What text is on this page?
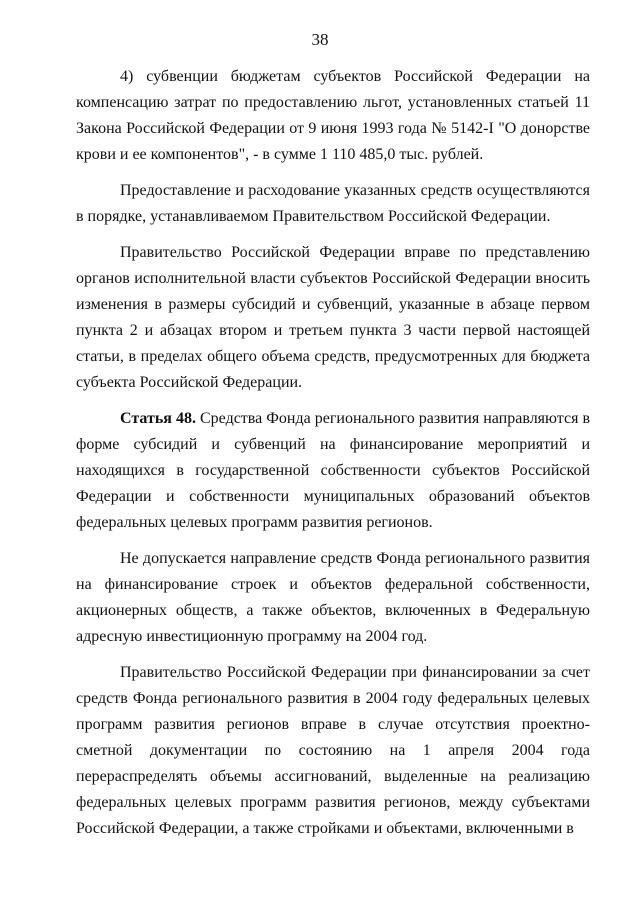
38

4) субвенции бюджетам субъектов Российской Федерации на компенсацию затрат по предоставлению льгот, установленных статьей 11 Закона Российской Федерации от 9 июня 1993 года № 5142-I "О донорстве крови и ее компонентов", - в сумме 1 110 485,0 тыс. рублей.

Предоставление и расходование указанных средств осуществляются в порядке, устанавливаемом Правительством Российской Федерации.

Правительство Российской Федерации вправе по представлению органов исполнительной власти субъектов Российской Федерации вносить изменения в размеры субсидий и субвенций, указанные в абзаце первом пункта 2 и абзацах втором и третьем пункта 3 части первой настоящей статьи, в пределах общего объема средств, предусмотренных для бюджета субъекта Российской Федерации.

Статья 48. Средства Фонда регионального развития направляются в форме субсидий и субвенций на финансирование мероприятий и находящихся в государственной собственности субъектов Российской Федерации и собственности муниципальных образований объектов федеральных целевых программ развития регионов.

Не допускается направление средств Фонда регионального развития на финансирование строек и объектов федеральной собственности, акционерных обществ, а также объектов, включенных в Федеральную адресную инвестиционную программу на 2004 год.

Правительство Российской Федерации при финансировании за счет средств Фонда регионального развития в 2004 году федеральных целевых программ развития регионов вправе в случае отсутствия проектно-сметной документации по состоянию на 1 апреля 2004 года перераспределять объемы ассигнований, выделенные на реализацию федеральных целевых программ развития регионов, между субъектами Российской Федерации, а также стройками и объектами, включенными в
